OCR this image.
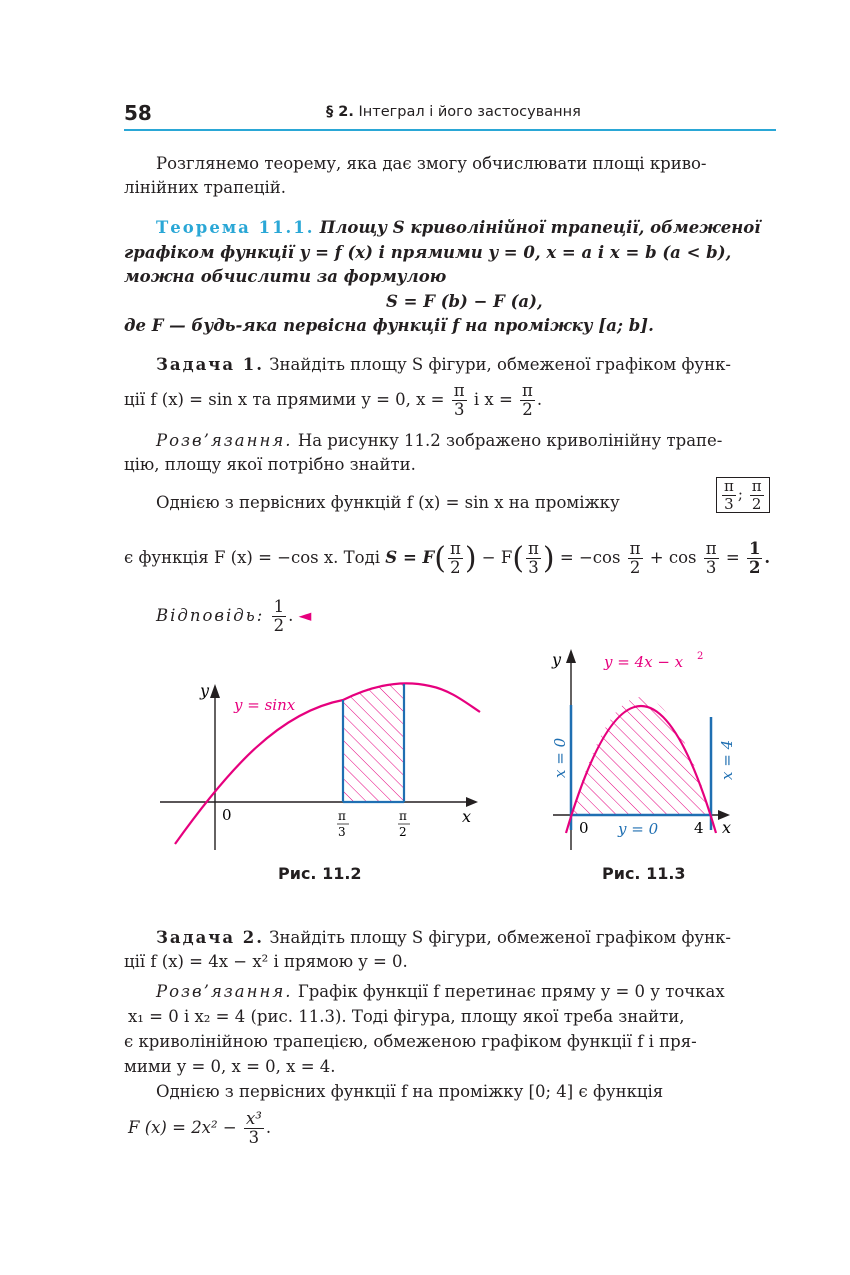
58	§ 2. Інтеграл і його застосування
Розглянемо теорему, яка дає змогу обчислювати площі криво-
лінійних трапецій.
Теорема 11.1. Площу S криволінійної трапеції, обмеженої
графіком функції y = f (x) і прямими y = 0, x = a і x = b (a < b),
можна обчислити за формулою
S = F (b) − F (a),
де F — будь-яка первісна функції f на проміжку [a; b].
Задача 1. Знайдіть площу S фігури, обмеженої графіком функ-
ції f (x) = sin x та прямими y = 0, $x = \frac{\pi}{3}$ і $x = \frac{\pi}{2}$ .
Розв’язання. На рисунку 11.2 зображено криволінійну трапе-
цію, площу якої потрібно знайти.
Однією з первісних функцій f (x) = sin x на проміжку	$\frac{\pi}{3}$ ; $\frac{\pi}{2}$
є функція F (x) = −cos x. Тоді $S = F( \frac{\pi}{2}$ ) − $F( \frac{\pi}{3}$ ) = $-\cos \frac{\pi}{2} + \cos \frac{\pi}{3} = \frac{1}{2}$ .
Відповідь: $\frac{1}{2}$ . ◄
y
x
0
y = sinx
π
3
π
2
Рис. 11.2
y
x
0	4
y = 0
y = 4x − x 2
x = 0	x = 4
Рис. 11.3
Задача 2. Знайдіть площу S фігури, обмеженої графіком функ-
ції f (x) = 4x − x² і прямою y = 0.
Розв’язання. Графік функції f перетинає пряму y = 0 у точках
x₁ = 0 і x₂ = 4 (рис. 11.3). Тоді фігура, площу якої треба знайти,
є криволінійною трапецією, обмеженою графіком функції f і пря-
мими y = 0, x = 0, x = 4.
Однією з первісних функції f на проміжку [0; 4] є функція
F $(x) = 2x^2 - \frac{\text{x³}}{3}$ .
